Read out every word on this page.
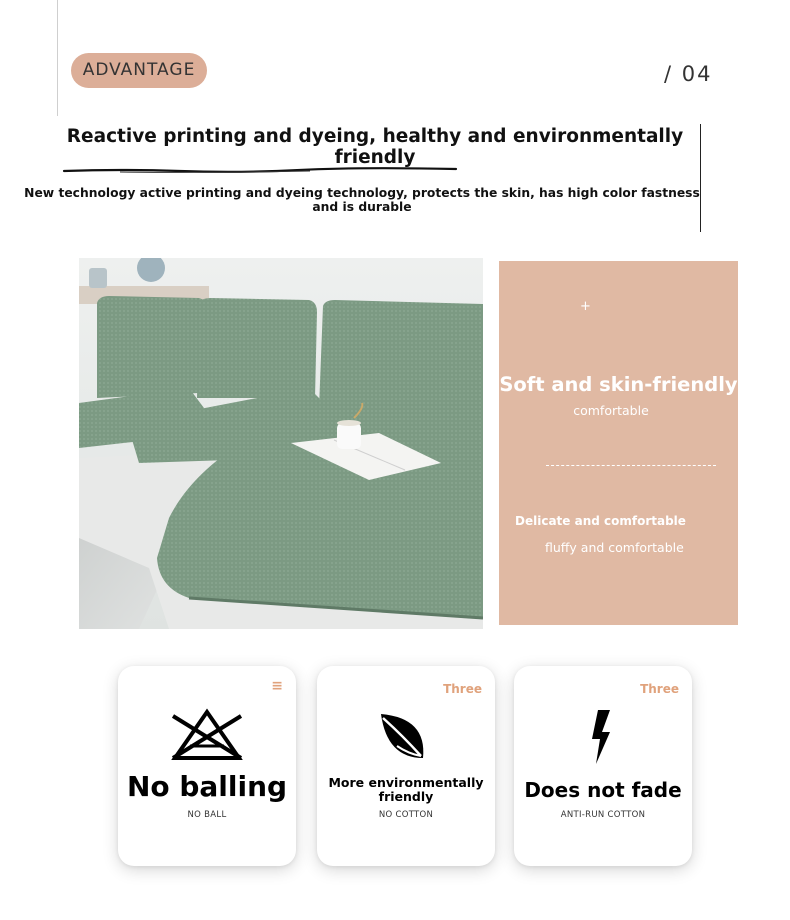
ADVANTAGE	/ 04
Reactive printing and dyeing, healthy and environmentally friendly
New technology active printing and dyeing technology, protects the skin, has high color fastness and is durable
+
Soft and skin-friendly
comfortable
Delicate and comfortable
fluffy and comfortable
≡
No balling
NO BALL
Three
More environmentally friendly
NO COTTON
Three
Does not fade
ANTI-RUN COTTON
